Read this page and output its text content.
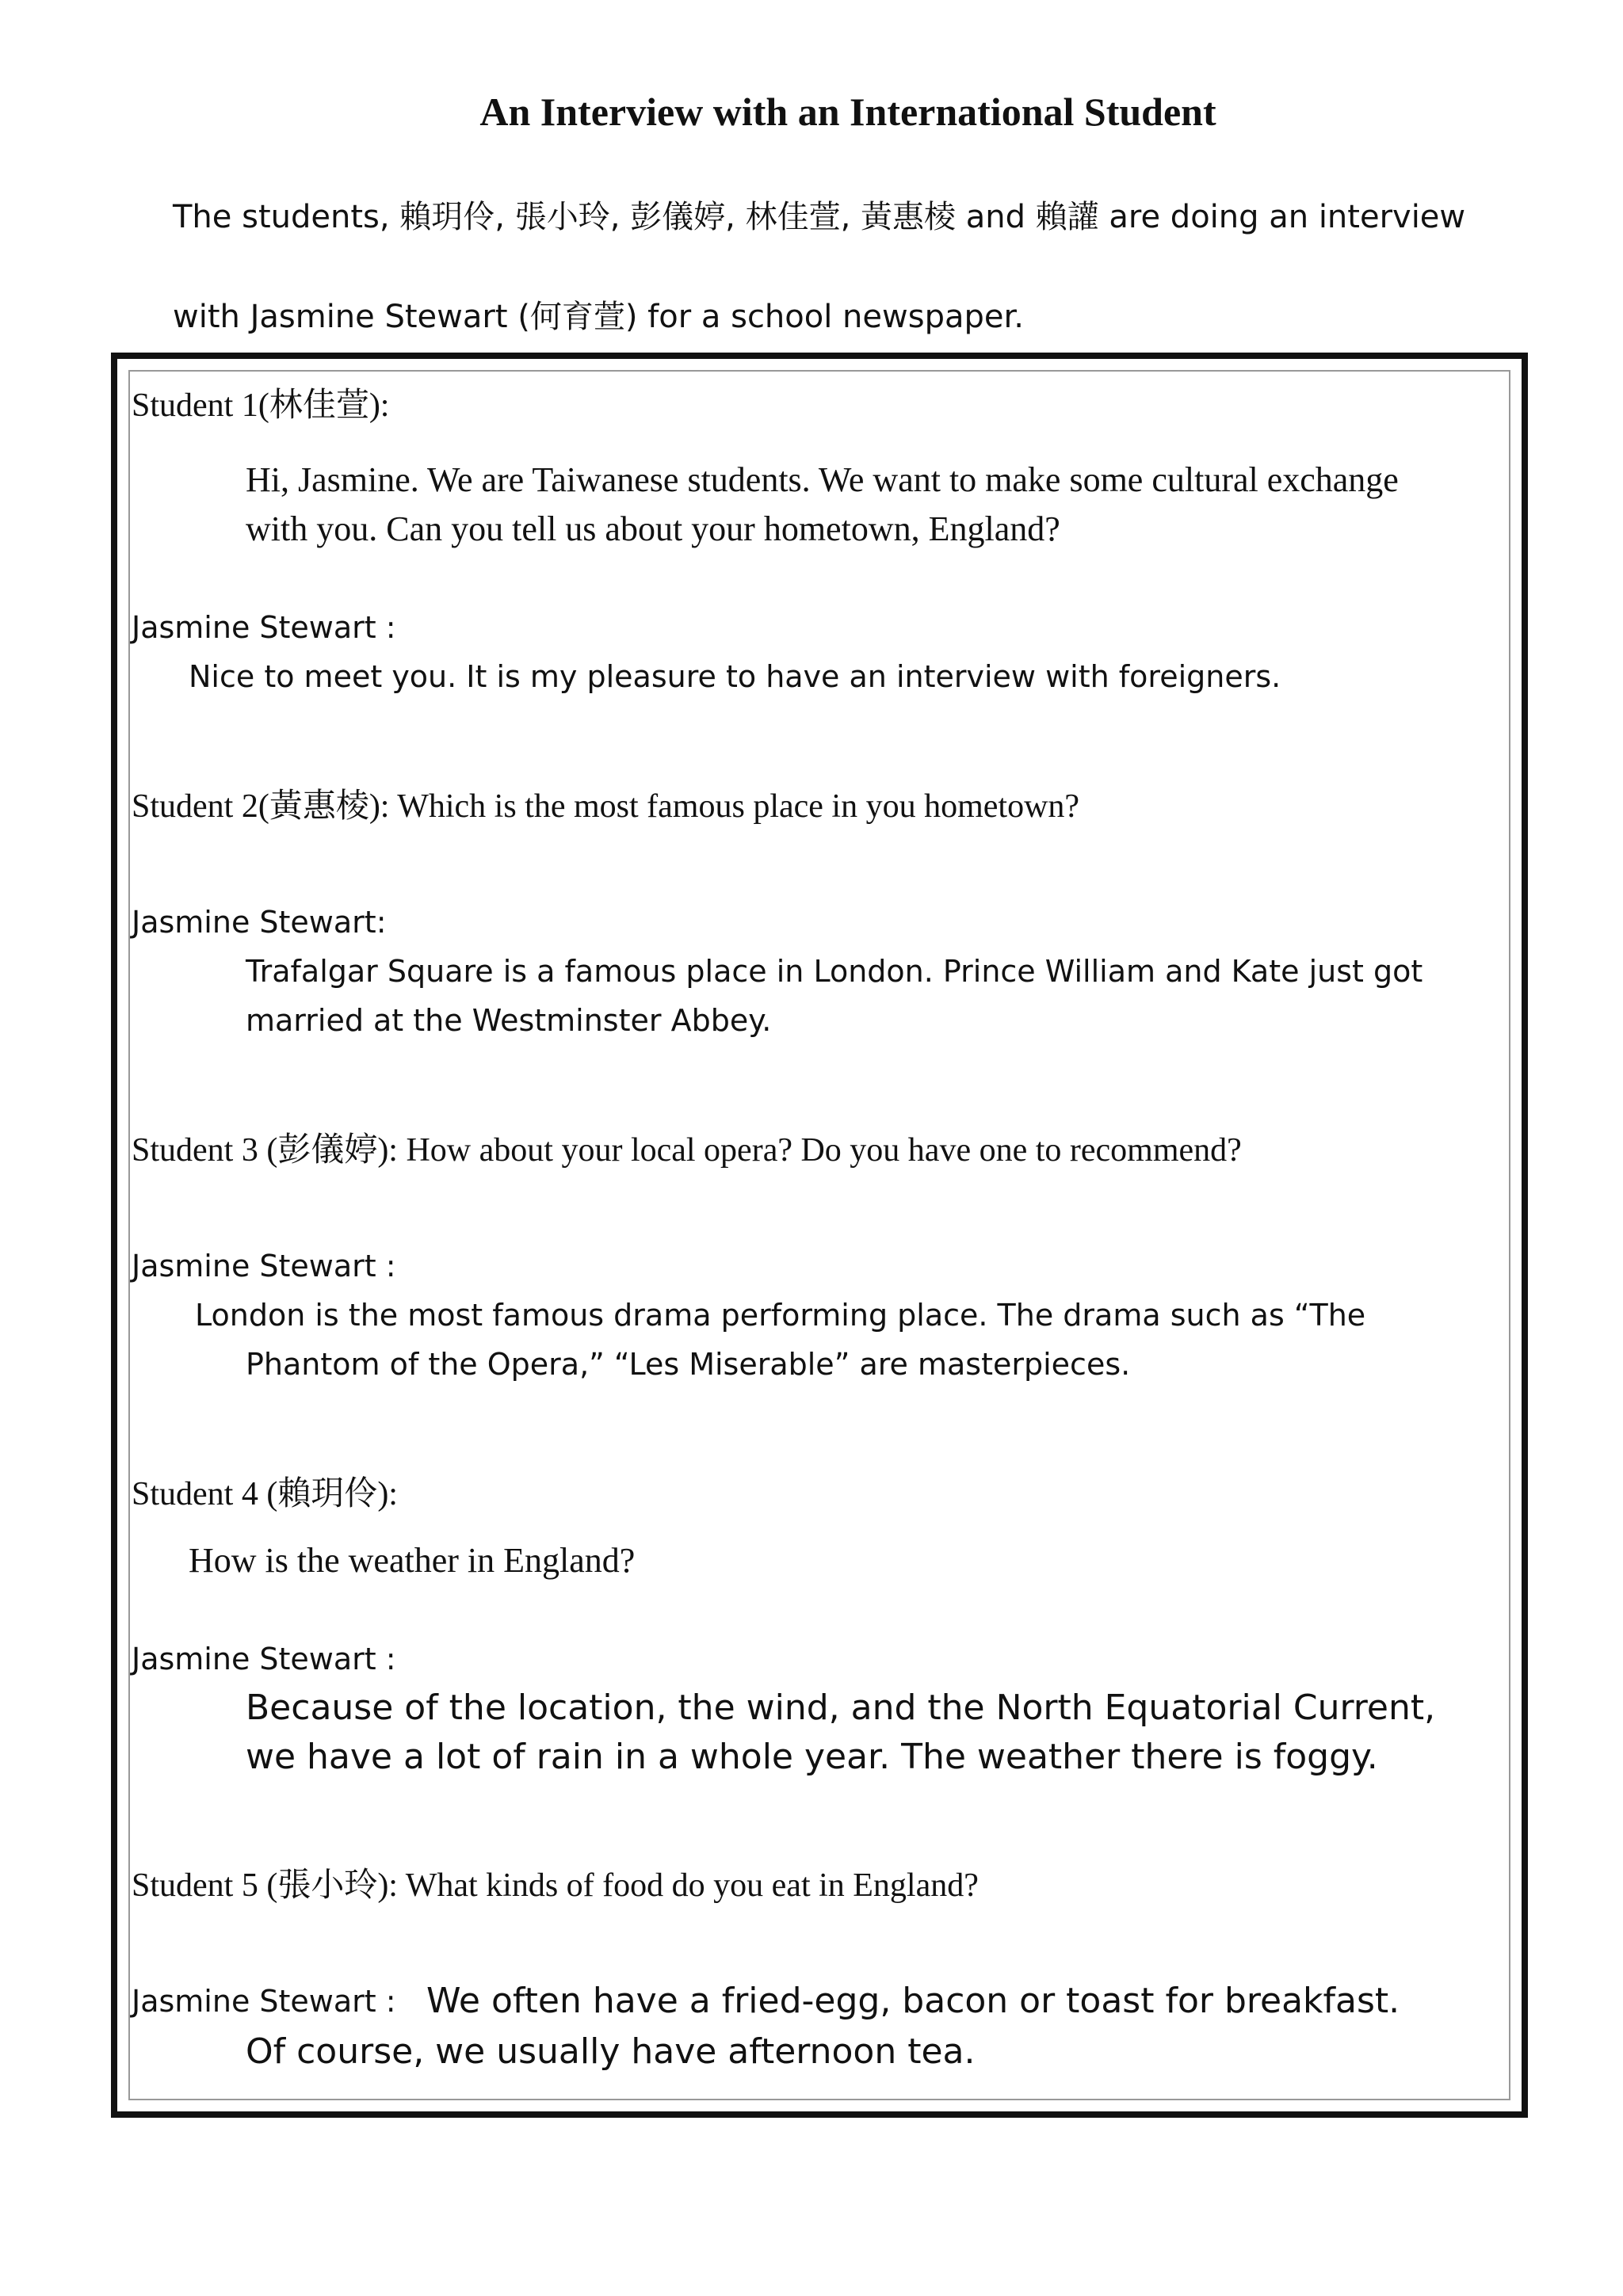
An Interview with an International Student
The students, 賴玥伶, 張小玲, 彭儀婷, 林佳萱, 黃惠棱 and 賴讙 are doing an interview
with Jasmine Stewart (何育萱) for a school newspaper.
Student 1(林佳萱):
Hi, Jasmine. We are Taiwanese students. We want to make some cultural exchange
with you. Can you tell us about your hometown, England?
Jasmine Stewart :
Nice to meet you. It is my pleasure to have an interview with foreigners.
Student 2(黃惠棱): Which is the most famous place in you hometown?
Jasmine Stewart:
Trafalgar Square is a famous place in London. Prince William and Kate just got
married at the Westminster Abbey.
Student 3 (彭儀婷): How about your local opera? Do you have one to recommend?
Jasmine Stewart :
London is the most famous drama performing place. The drama such as “The
Phantom of the Opera,” “Les Miserable” are masterpieces.
Student 4 (賴玥伶):
How is the weather in England?
Jasmine Stewart :
Because of the location, the wind, and the North Equatorial Current,
we have a lot of rain in a whole year. The weather there is foggy.
Student 5 (張小玲): What kinds of food do you eat in England?
Jasmine Stewart : We often have a fried-egg, bacon or toast for breakfast.
Of course, we usually have afternoon tea.
